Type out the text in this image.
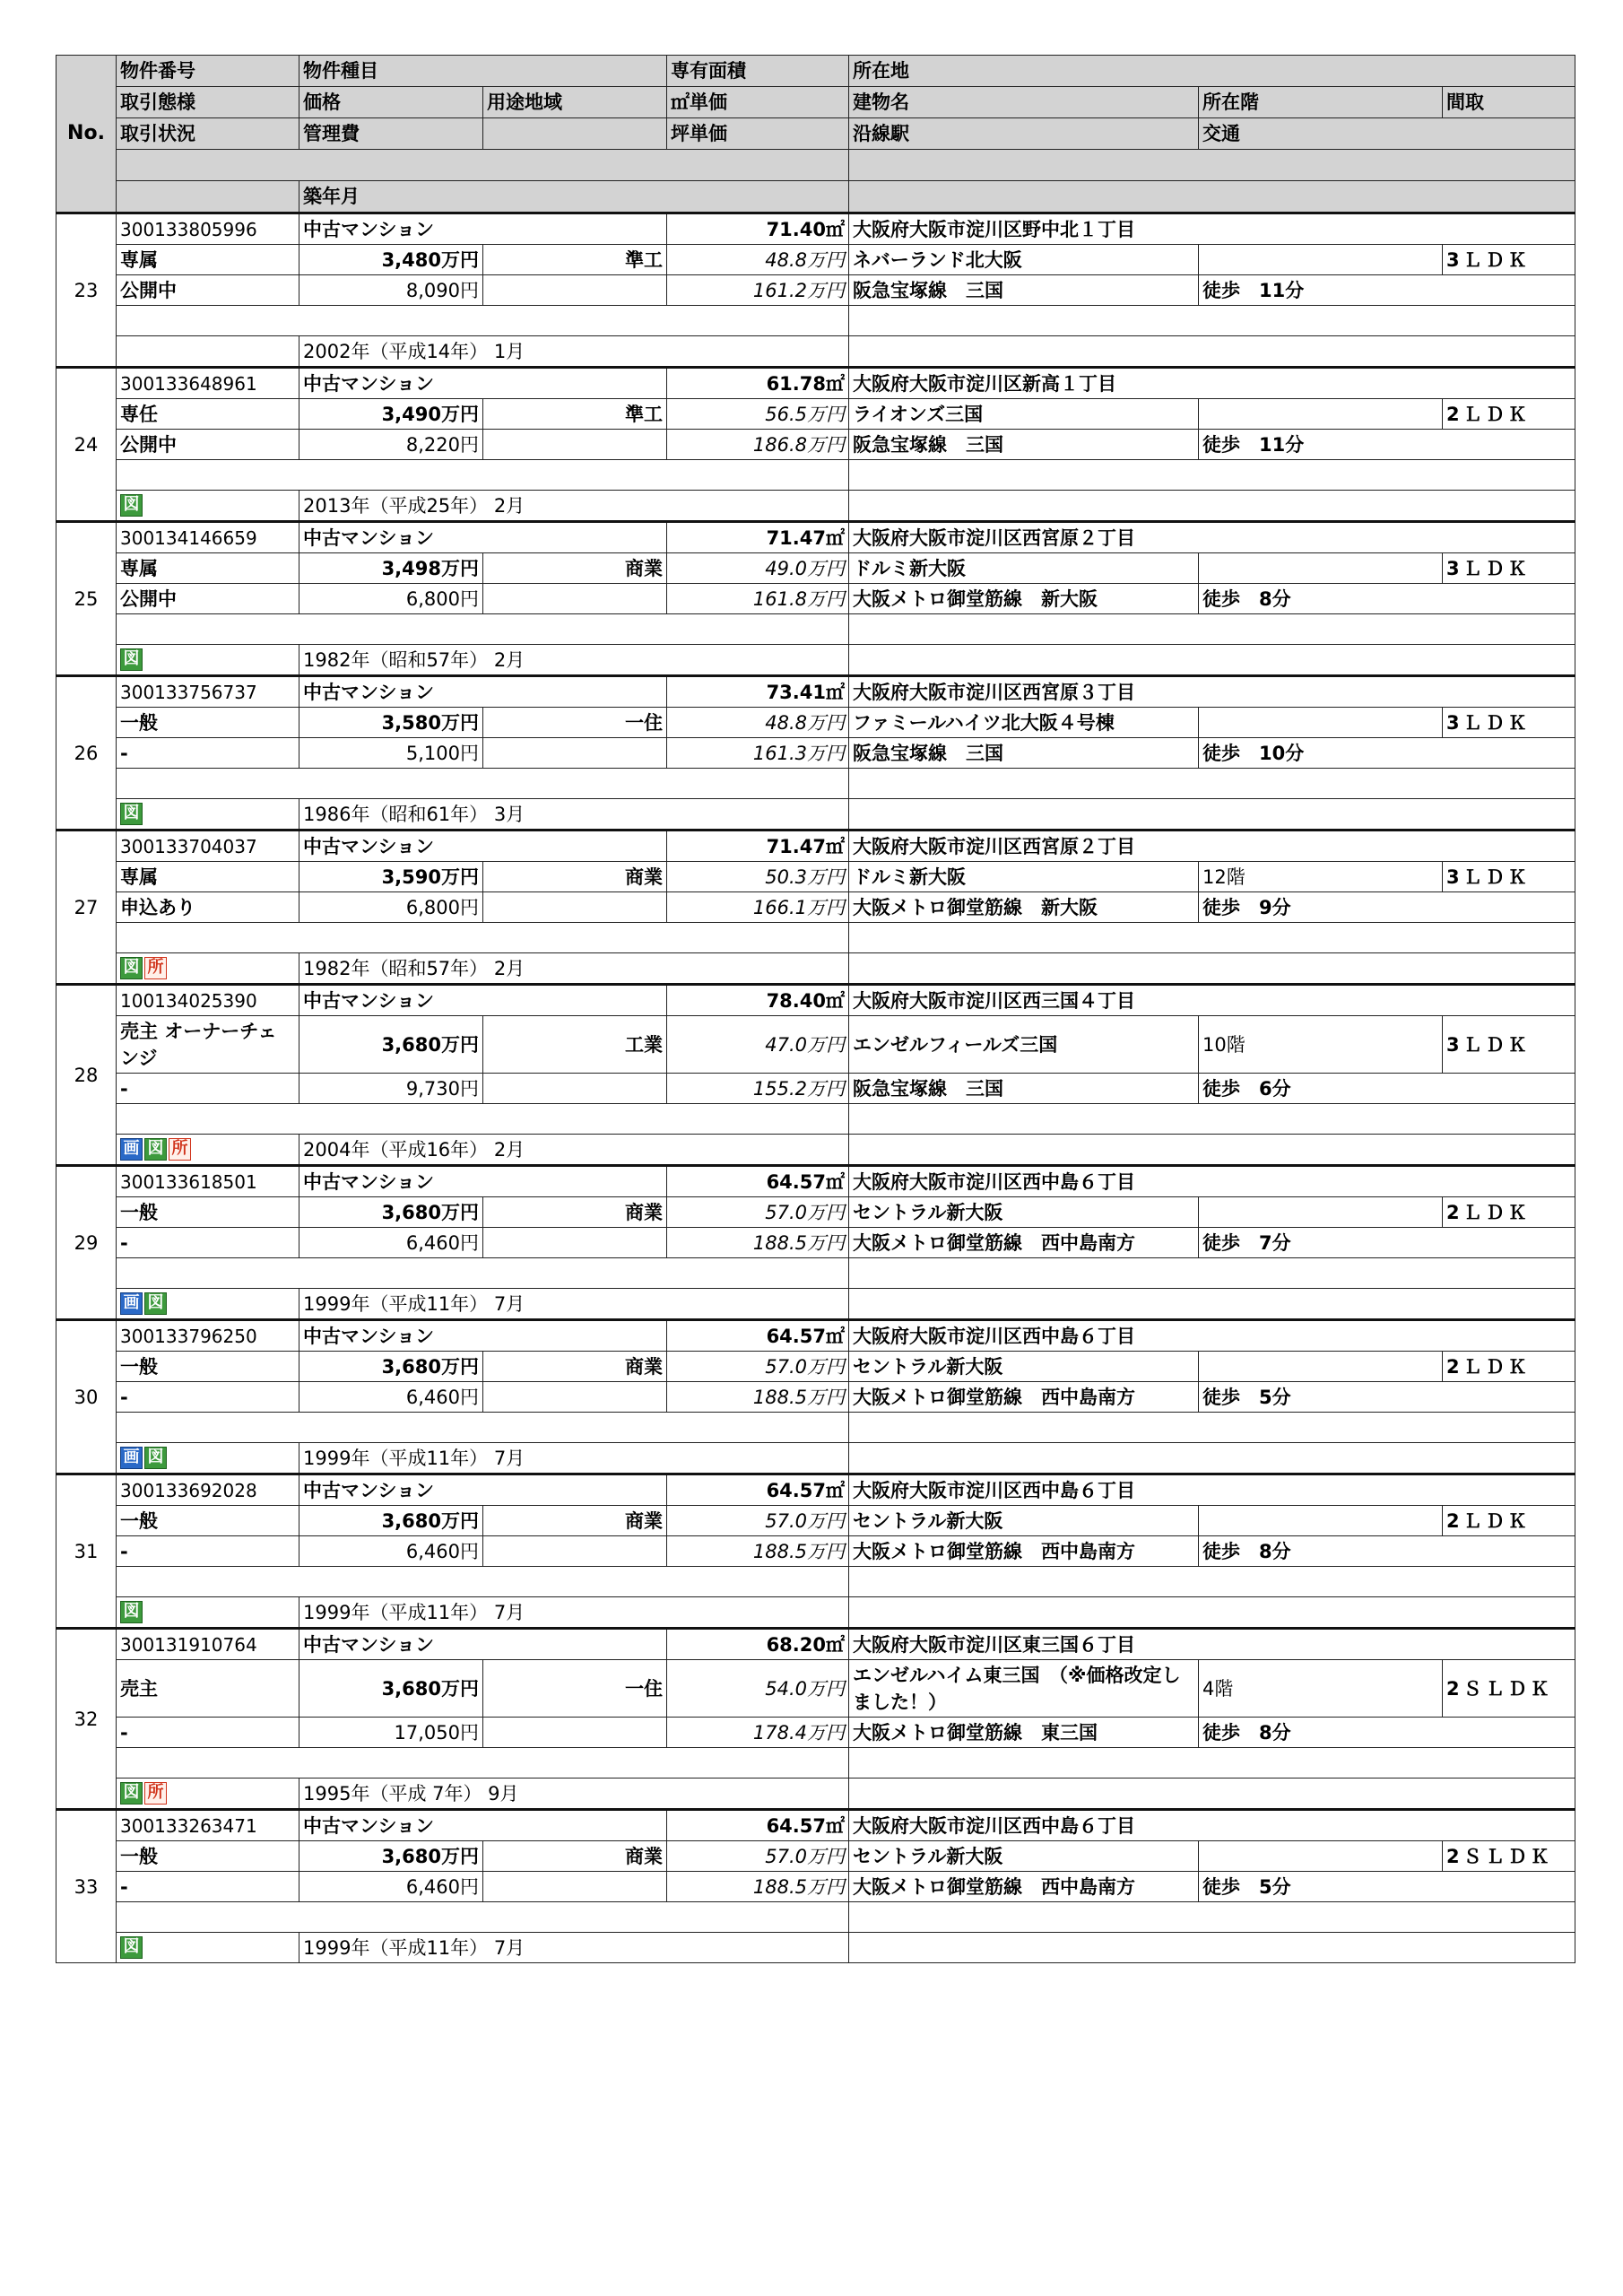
No.	物件番号	物件種目		専有面積	所在地		
	取引態様	価格	用途地域	㎡単価	建物名	所在階	間取
	取引状況	管理費		坪単価	沿線駅	交通	

		築年月					
23	300133805996	中古マンション		71.40㎡	大阪府大阪市淀川区野中北１丁目		
	専属	3,480万円	準工	48.8万円	ネバーランド北大阪		3ＬＤＫ
	公開中	8,090円		161.2万円	阪急宝塚線　三国	徒歩　11分	

		2002年（平成14年） 1月					
24	300133648961	中古マンション		61.78㎡	大阪府大阪市淀川区新高１丁目		
	専任	3,490万円	準工	56.5万円	ライオンズ三国		2ＬＤＫ
	公開中	8,220円		186.8万円	阪急宝塚線　三国	徒歩　11分	

	図	2013年（平成25年） 2月					
25	300134146659	中古マンション		71.47㎡	大阪府大阪市淀川区西宮原２丁目		
	専属	3,498万円	商業	49.0万円	ドルミ新大阪		3ＬＤＫ
	公開中	6,800円		161.8万円	大阪メトロ御堂筋線　新大阪	徒歩　8分	

	図	1982年（昭和57年） 2月					
26	300133756737	中古マンション		73.41㎡	大阪府大阪市淀川区西宮原３丁目		
	一般	3,580万円	一住	48.8万円	ファミールハイツ北大阪４号棟		3ＬＤＫ
	-	5,100円		161.3万円	阪急宝塚線　三国	徒歩　10分	

	図	1986年（昭和61年） 3月					
27	300133704037	中古マンション		71.47㎡	大阪府大阪市淀川区西宮原２丁目		
	専属	3,590万円	商業	50.3万円	ドルミ新大阪	12階	3ＬＤＫ
	申込あり	6,800円		166.1万円	大阪メトロ御堂筋線　新大阪	徒歩　9分	

	図 所	1982年（昭和57年） 2月					
28	100134025390	中古マンション		78.40㎡	大阪府大阪市淀川区西三国４丁目		
	売主 オーナーチェンジ	3,680万円	工業	47.0万円	エンゼルフィールズ三国	10階	3ＬＤＫ
	-	9,730円		155.2万円	阪急宝塚線　三国	徒歩　6分	

	画 図 所	2004年（平成16年） 2月					
29	300133618501	中古マンション		64.57㎡	大阪府大阪市淀川区西中島６丁目		
	一般	3,680万円	商業	57.0万円	セントラル新大阪		2ＬＤＫ
	-	6,460円		188.5万円	大阪メトロ御堂筋線　西中島南方	徒歩　7分	

	画 図	1999年（平成11年） 7月					
30	300133796250	中古マンション		64.57㎡	大阪府大阪市淀川区西中島６丁目		
	一般	3,680万円	商業	57.0万円	セントラル新大阪		2ＬＤＫ
	-	6,460円		188.5万円	大阪メトロ御堂筋線　西中島南方	徒歩　5分	

	画 図	1999年（平成11年） 7月					
31	300133692028	中古マンション		64.57㎡	大阪府大阪市淀川区西中島６丁目		
	一般	3,680万円	商業	57.0万円	セントラル新大阪		2ＬＤＫ
	-	6,460円		188.5万円	大阪メトロ御堂筋線　西中島南方	徒歩　8分	

	図	1999年（平成11年） 7月					
32	300131910764	中古マンション		68.20㎡	大阪府大阪市淀川区東三国６丁目		
	売主	3,680万円	一住	54.0万円	エンゼルハイム東三国　（※価格改定しました！）	4階	2ＳＬＤＫ
	-	17,050円		178.4万円	大阪メトロ御堂筋線　東三国	徒歩　8分	

	図 所	1995年（平成 7年） 9月					
33	300133263471	中古マンション		64.57㎡	大阪府大阪市淀川区西中島６丁目		
	一般	3,680万円	商業	57.0万円	セントラル新大阪		2ＳＬＤＫ
	-	6,460円		188.5万円	大阪メトロ御堂筋線　西中島南方	徒歩　5分	

	図	1999年（平成11年） 7月					
